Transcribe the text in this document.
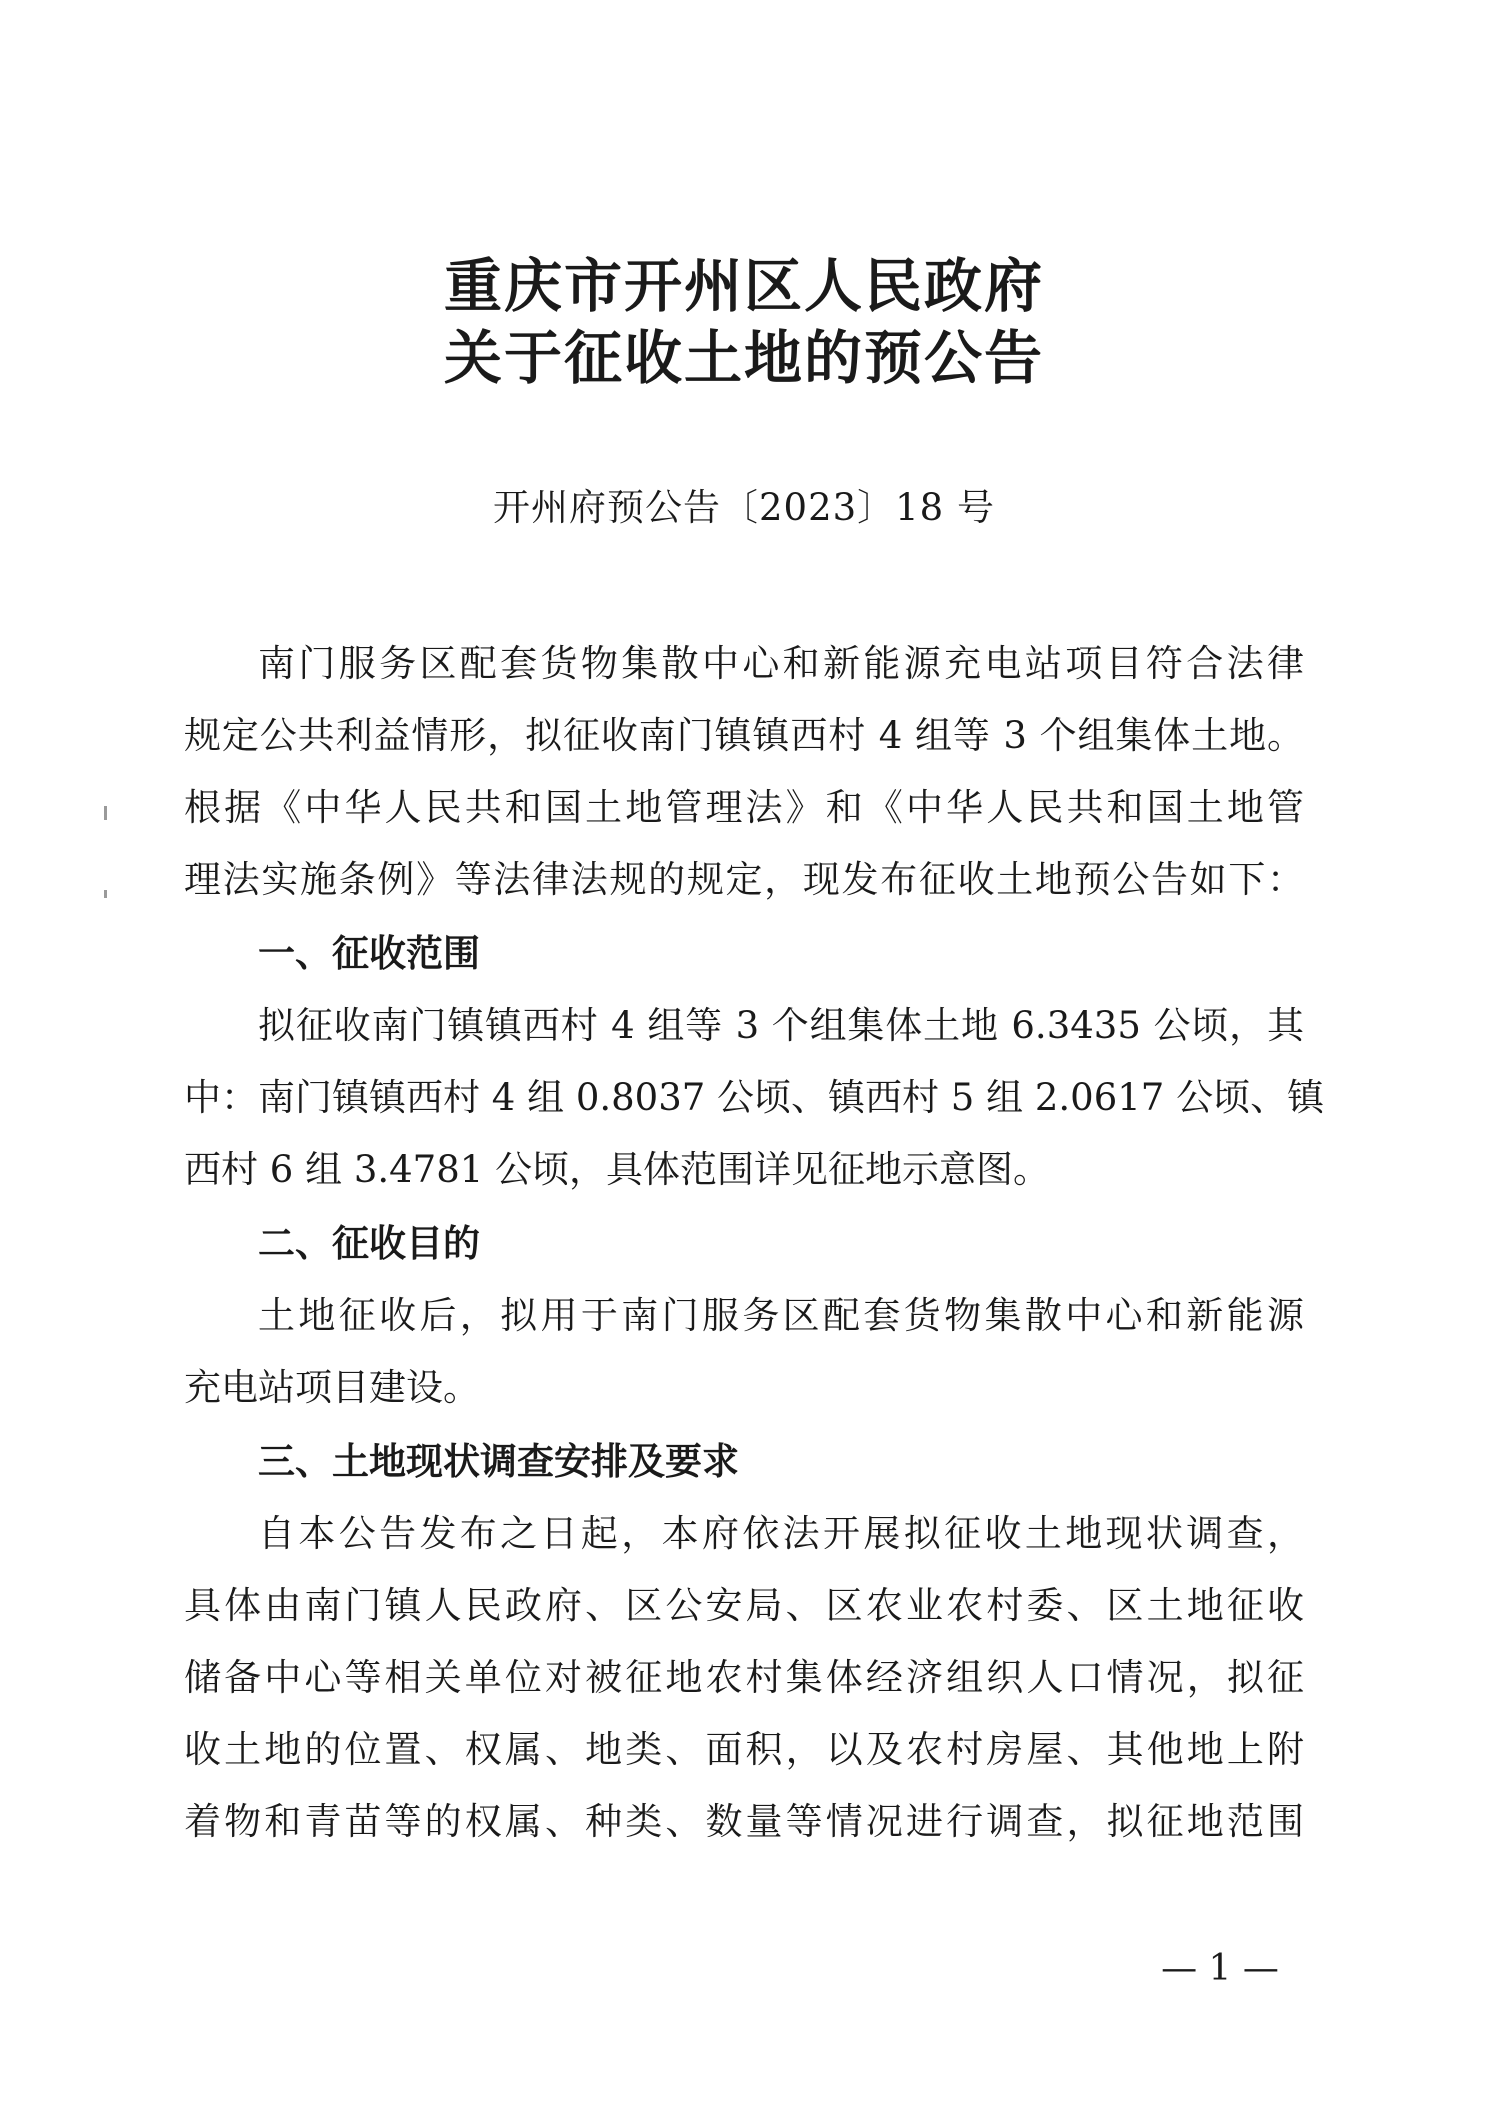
重庆市开州区人民政府
关于征收土地的预公告
开州府预公告〔2023〕18 号
南门服务区配套货物集散中心和新能源充电站项目符合法律
规定公共利益情形，拟征收南门镇镇西村 4 组等 3 个组集体土地。
根据《中华人民共和国土地管理法》和《中华人民共和国土地管
理法实施条例》等法律法规的规定，现发布征收土地预公告如下：
一、征收范围
拟征收南门镇镇西村 4 组等 3 个组集体土地 6.3435 公顷，其
中：南门镇镇西村 4 组 0.8037 公顷、镇西村 5 组 2.0617 公顷、镇
西村 6 组 3.4781 公顷，具体范围详见征地示意图。
二、征收目的
土地征收后，拟用于南门服务区配套货物集散中心和新能源
充电站项目建设。
三、土地现状调查安排及要求
自本公告发布之日起，本府依法开展拟征收土地现状调查，
具体由南门镇人民政府、区公安局、区农业农村委、区土地征收
储备中心等相关单位对被征地农村集体经济组织人口情况，拟征
收土地的位置、权属、地类、面积，以及农村房屋、其他地上附
着物和青苗等的权属、种类、数量等情况进行调查，拟征地范围
— 1 —
